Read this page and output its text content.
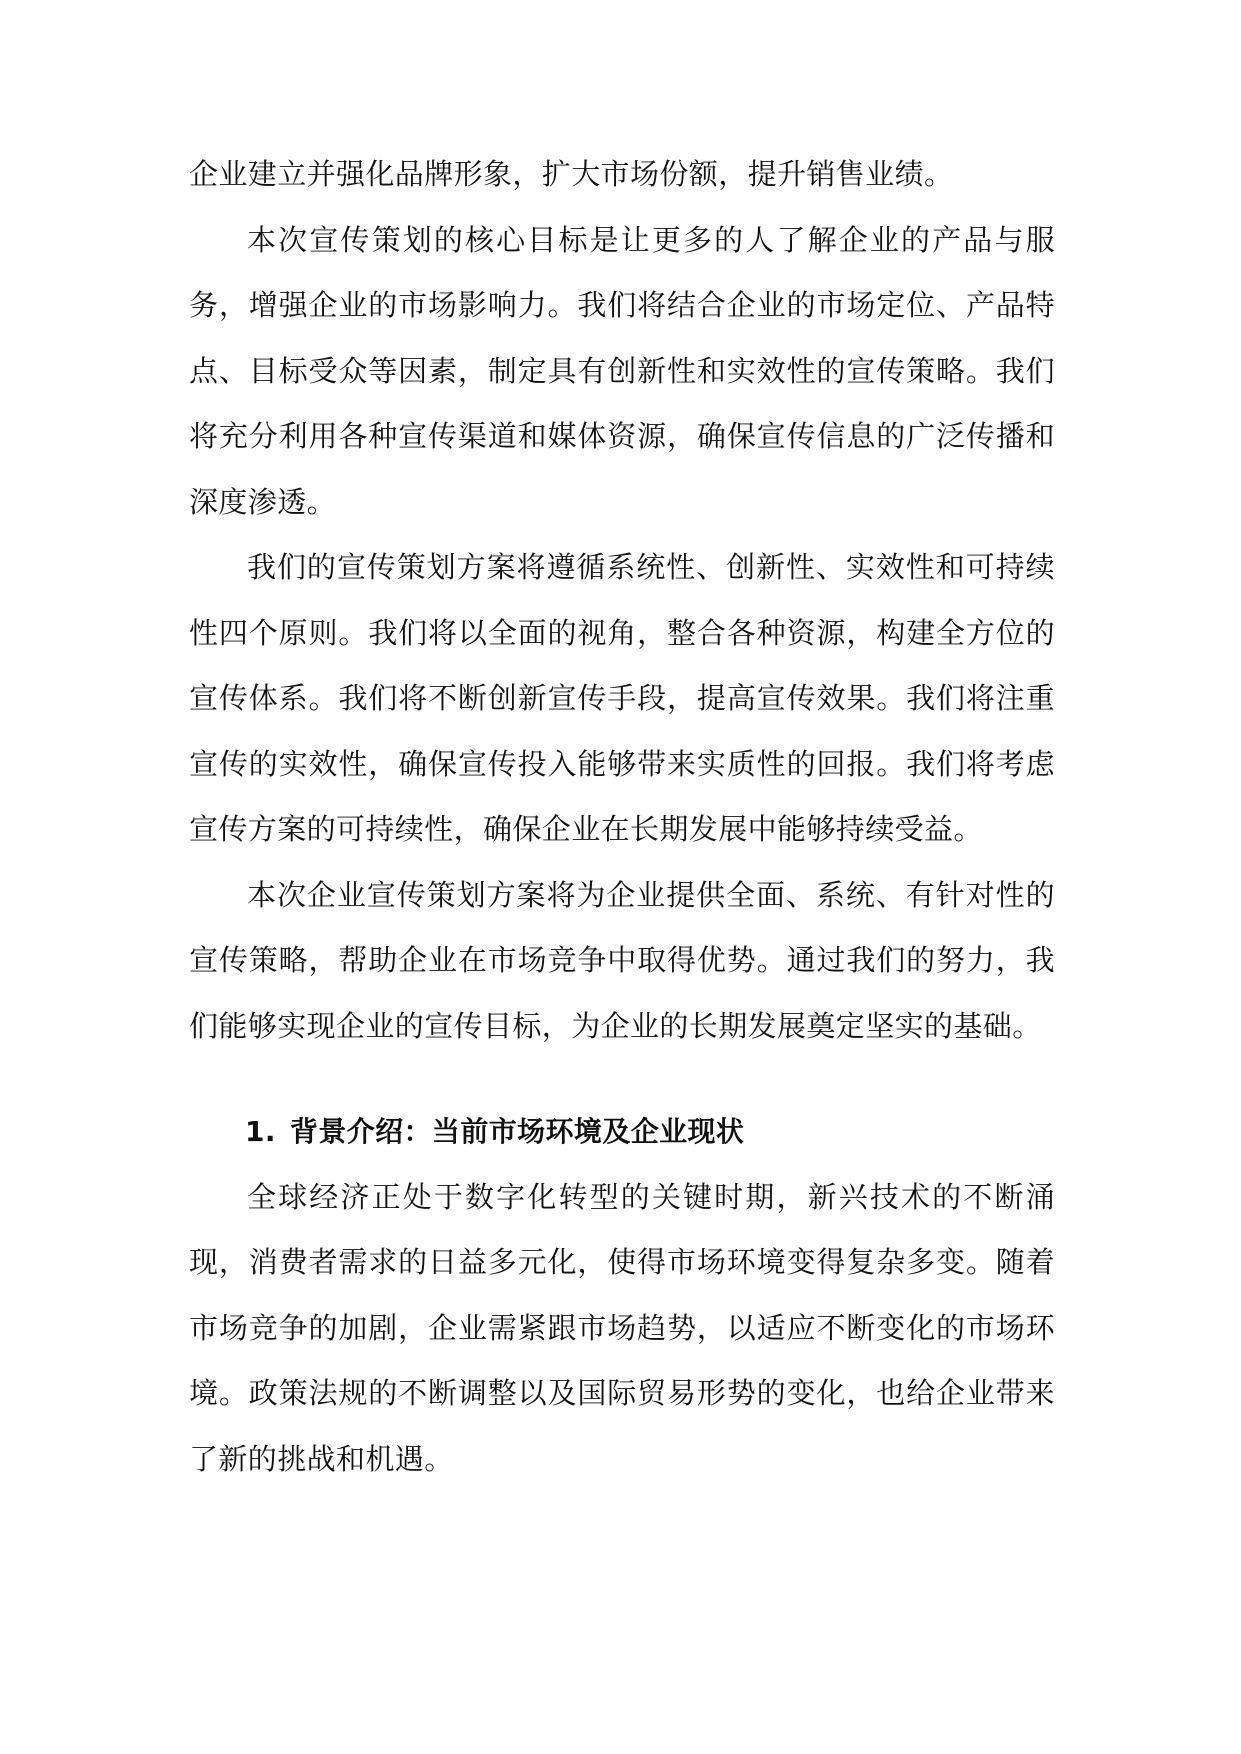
企业建立并强化品牌形象，扩大市场份额，提升销售业绩。

本次宣传策划的核心目标是让更多的人了解企业的产品与服务，增强企业的市场影响力。我们将结合企业的市场定位、产品特点、目标受众等因素，制定具有创新性和实效性的宣传策略。我们将充分利用各种宣传渠道和媒体资源，确保宣传信息的广泛传播和深度渗透。

我们的宣传策划方案将遵循系统性、创新性、实效性和可持续性四个原则。我们将以全面的视角，整合各种资源，构建全方位的宣传体系。我们将不断创新宣传手段，提高宣传效果。我们将注重宣传的实效性，确保宣传投入能够带来实质性的回报。我们将考虑宣传方案的可持续性，确保企业在长期发展中能够持续受益。

本次企业宣传策划方案将为企业提供全面、系统、有针对性的宣传策略，帮助企业在市场竞争中取得优势。通过我们的努力，我们能够实现企业的宣传目标，为企业的长期发展奠定坚实的基础。

1. 背景介绍：当前市场环境及企业现状

全球经济正处于数字化转型的关键时期，新兴技术的不断涌现，消费者需求的日益多元化，使得市场环境变得复杂多变。随着市场竞争的加剧，企业需紧跟市场趋势，以适应不断变化的市场环境。政策法规的不断调整以及国际贸易形势的变化，也给企业带来了新的挑战和机遇。
